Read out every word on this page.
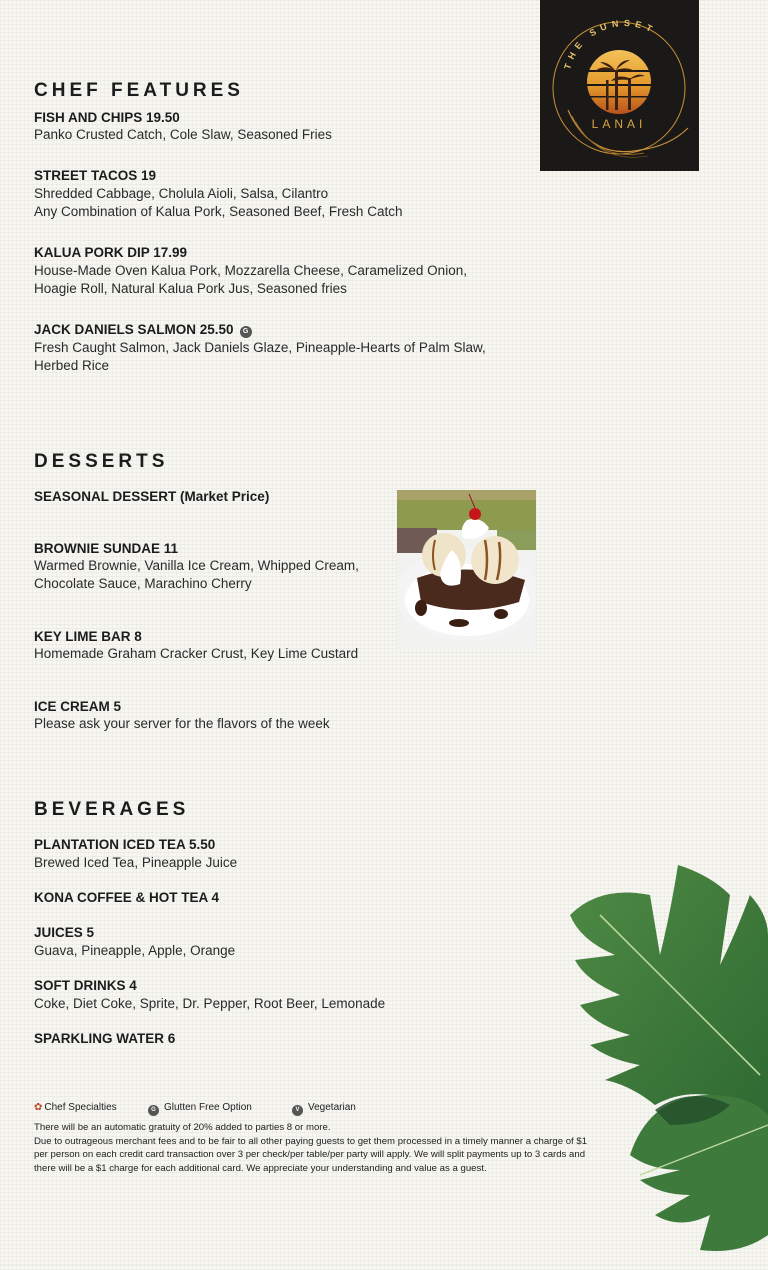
LANAI
THE SUNSET
CHEF FEATURES
FISH AND CHIPS 19.50
Panko Crusted Catch, Cole Slaw, Seasoned Fries
STREET TACOS 19
Shredded Cabbage, Cholula Aioli, Salsa, Cilantro
Any Combination of Kalua Pork, Seasoned Beef, Fresh Catch
KALUA PORK DIP 17.99
House-Made Oven Kalua Pork, Mozzarella Cheese, Caramelized Onion,
Hoagie Roll, Natural Kalua Pork Jus, Seasoned fries
JACK DANIELS SALMON 25.50 G
Fresh Caught Salmon, Jack Daniels Glaze, Pineapple-Hearts of Palm Slaw,
Herbed Rice
DESSERTS
SEASONAL DESSERT (Market Price)
BROWNIE SUNDAE 11
Warmed Brownie, Vanilla Ice Cream, Whipped Cream,
Chocolate Sauce, Marachino Cherry
KEY LIME BAR 8
Homemade Graham Cracker Crust, Key Lime Custard
ICE CREAM 5
Please ask your server for the flavors of the week
BEVERAGES
PLANTATION ICED TEA 5.50
Brewed Iced Tea, Pineapple Juice
KONA COFFEE & HOT TEA 4
JUICES 5
Guava, Pineapple, Apple, Orange
SOFT DRINKS 4
Coke, Diet Coke, Sprite, Dr. Pepper, Root Beer, Lemonade
SPARKLING WATER 6
✿ Chef Specialties	G Glutten Free Option	V Vegetarian

There will be an automatic gratuity of 20% added to parties 8 or more.

Due to outrageous merchant fees and to be fair to all other paying guests to get them processed in a timely manner a charge of $1 per person on each credit card transaction over 3 per check/per table/per party will apply. We will split payments up to 3 cards and there will be a $1 charge for each additional card. We appreciate your understanding and value as a guest.
